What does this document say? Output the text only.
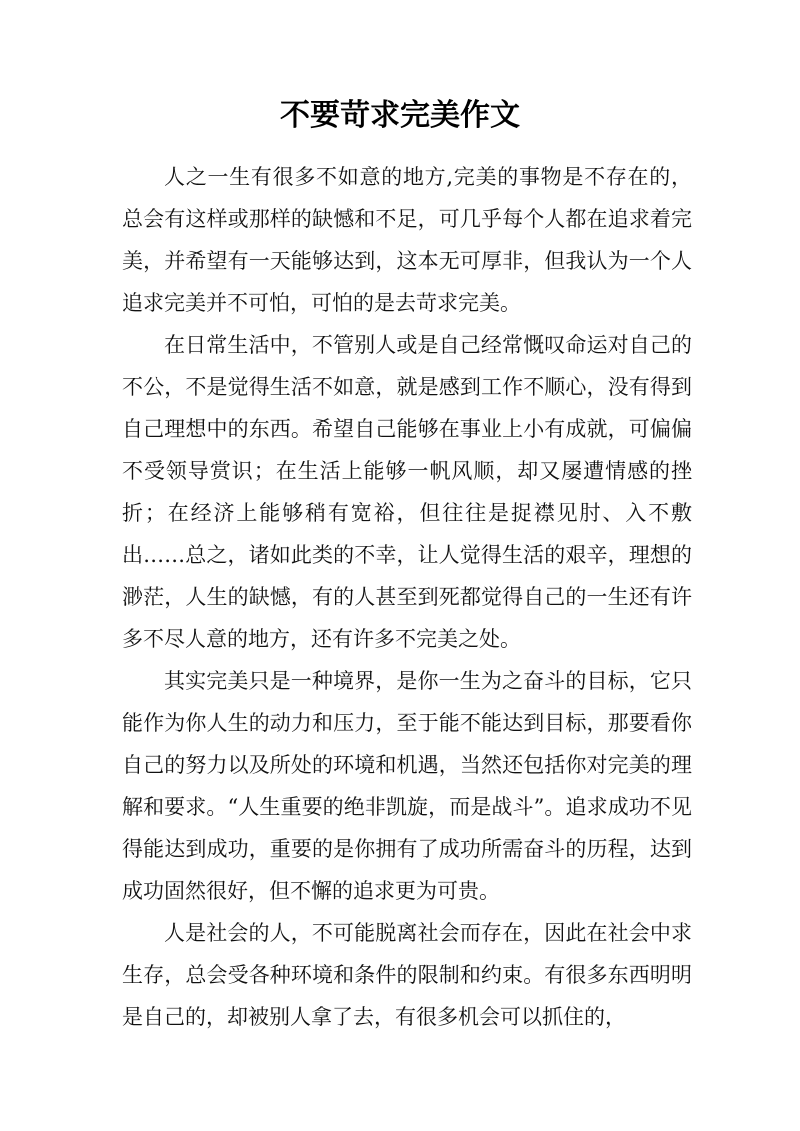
不要苛求完美作文

人之一生有很多不如意的地方,完美的事物是不存在的，总会有这样或那样的缺憾和不足，可几乎每个人都在追求着完美，并希望有一天能够达到，这本无可厚非，但我认为一个人追求完美并不可怕，可怕的是去苛求完美。

在日常生活中，不管别人或是自己经常慨叹命运对自己的不公，不是觉得生活不如意，就是感到工作不顺心，没有得到自己理想中的东西。希望自己能够在事业上小有成就，可偏偏不受领导赏识；在生活上能够一帆风顺，却又屡遭情感的挫折；在经济上能够稍有宽裕，但往往是捉襟见肘、入不敷出……总之，诸如此类的不幸，让人觉得生活的艰辛，理想的渺茫，人生的缺憾，有的人甚至到死都觉得自己的一生还有许多不尽人意的地方，还有许多不完美之处。

其实完美只是一种境界，是你一生为之奋斗的目标，它只能作为你人生的动力和压力，至于能不能达到目标，那要看你自己的努力以及所处的环境和机遇，当然还包括你对完美的理解和要求。“人生重要的绝非凯旋，而是战斗”。追求成功不见得能达到成功，重要的是你拥有了成功所需奋斗的历程，达到成功固然很好，但不懈的追求更为可贵。

人是社会的人，不可能脱离社会而存在，因此在社会中求生存，总会受各种环境和条件的限制和约束。有很多东西明明是自己的，却被别人拿了去，有很多机会可以抓住的，
